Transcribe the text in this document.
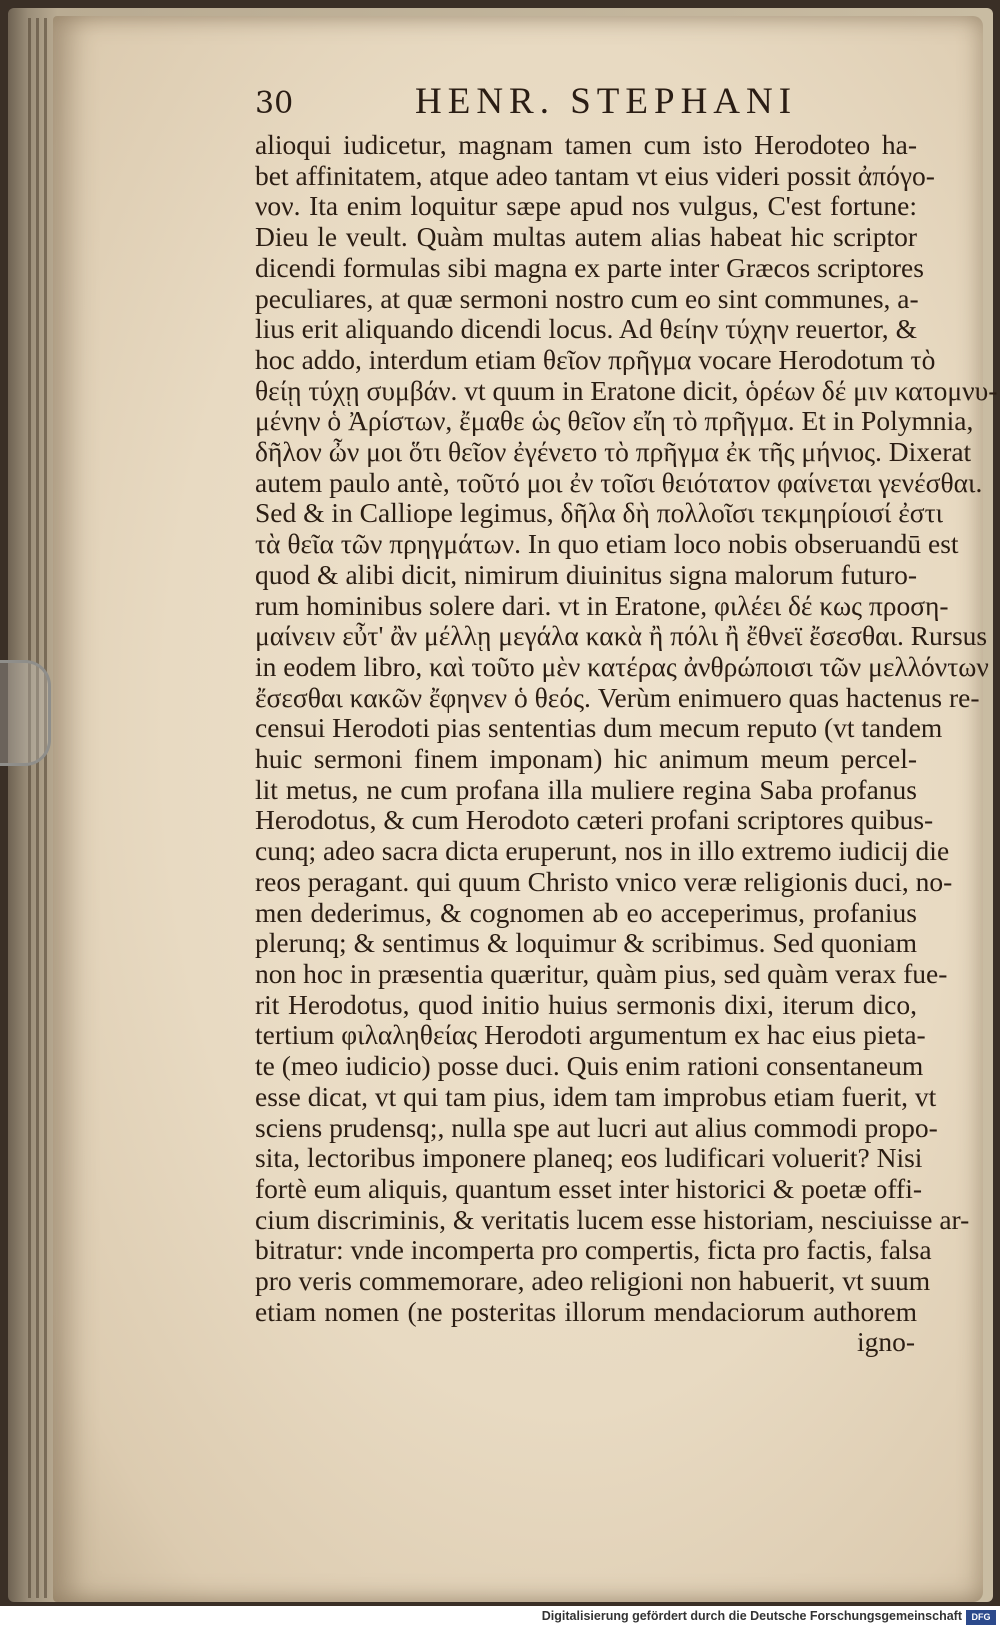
30	HENR. STEPHANI
alioqui iudicetur, magnam tamen cum isto Herodoteo ha-
bet affinitatem, atque adeo tantam vt eius videri possit ἀπόγο-
νον. Ita enim loquitur sæpe apud nos vulgus, C'est fortune:
Dieu le veult. Quàm multas autem alias habeat hic scriptor
dicendi formulas sibi magna ex parte inter Græcos scriptores
peculiares, at quæ sermoni nostro cum eo sint communes, a-
lius erit aliquando dicendi locus. Ad θείην τύχην reuertor, &
hoc addo, interdum etiam θεῖον πρῆγμα vocare Herodotum τὸ
θείῃ τύχῃ συμβάν. vt quum in Eratone dicit, ὁρέων δέ μιν κατομνυ-
μένην ὁ Ἀρίστων, ἔμαθε ὡς θεῖον εἴη τὸ πρῆγμα. Et in Polymnia,
δῆλον ὦν μοι ὅτι θεῖον ἐγένετο τὸ πρῆγμα ἐκ τῆς μήνιος. Dixerat
autem paulo antè, τοῦτό μοι ἐν τοῖσι θειότατον φαίνεται γενέσθαι.
Sed & in Calliope legimus, δῆλα δὴ πολλοῖσι τεκμηρίοισί ἐστι
τὰ θεῖα τῶν πρηγμάτων. In quo etiam loco nobis obseruandū est
quod & alibi dicit, nimirum diuinitus signa malorum futuro-
rum hominibus solere dari. vt in Eratone, φιλέει δέ κως προση-
μαίνειν εὖτ' ἂν μέλλῃ μεγάλα κακὰ ἢ πόλι ἢ ἔθνεϊ ἔσεσθαι. Rursus
in eodem libro, καὶ τοῦτο μὲν κατέρας ἀνθρώποισι τῶν μελλόντων
ἔσεσθαι κακῶν ἔφηνεν ὁ θεός. Verùm enimuero quas hactenus re-
censui Herodoti pias sententias dum mecum reputo (vt tandem
huic sermoni finem imponam) hic animum meum percel-
lit metus, ne cum profana illa muliere regina Saba profanus
Herodotus, & cum Herodoto cæteri profani scriptores quibus-
cunq; adeo sacra dicta eruperunt, nos in illo extremo iudicij die
reos peragant. qui quum Christo vnico veræ religionis duci, no-
men dederimus, & cognomen ab eo acceperimus, profanius
plerunq; & sentimus & loquimur & scribimus. Sed quoniam
non hoc in præsentia quæritur, quàm pius, sed quàm verax fue-
rit Herodotus, quod initio huius sermonis dixi, iterum dico,
tertium φιλαληθείας Herodoti argumentum ex hac eius pieta-
te (meo iudicio) posse duci. Quis enim rationi consentaneum
esse dicat, vt qui tam pius, idem tam improbus etiam fuerit, vt
sciens prudensq;, nulla spe aut lucri aut alius commodi propo-
sita, lectoribus imponere planeq; eos ludificari voluerit? Nisi
fortè eum aliquis, quantum esset inter historici & poetæ offi-
cium discriminis, & veritatis lucem esse historiam, nesciuisse ar-
bitratur: vnde incomperta pro compertis, ficta pro factis, falsa
pro veris commemorare, adeo religioni non habuerit, vt suum
etiam nomen (ne posteritas illorum mendaciorum authorem
igno-
Digitalisierung gefördert durch die Deutsche Forschungsgemeinschaft	DFG
